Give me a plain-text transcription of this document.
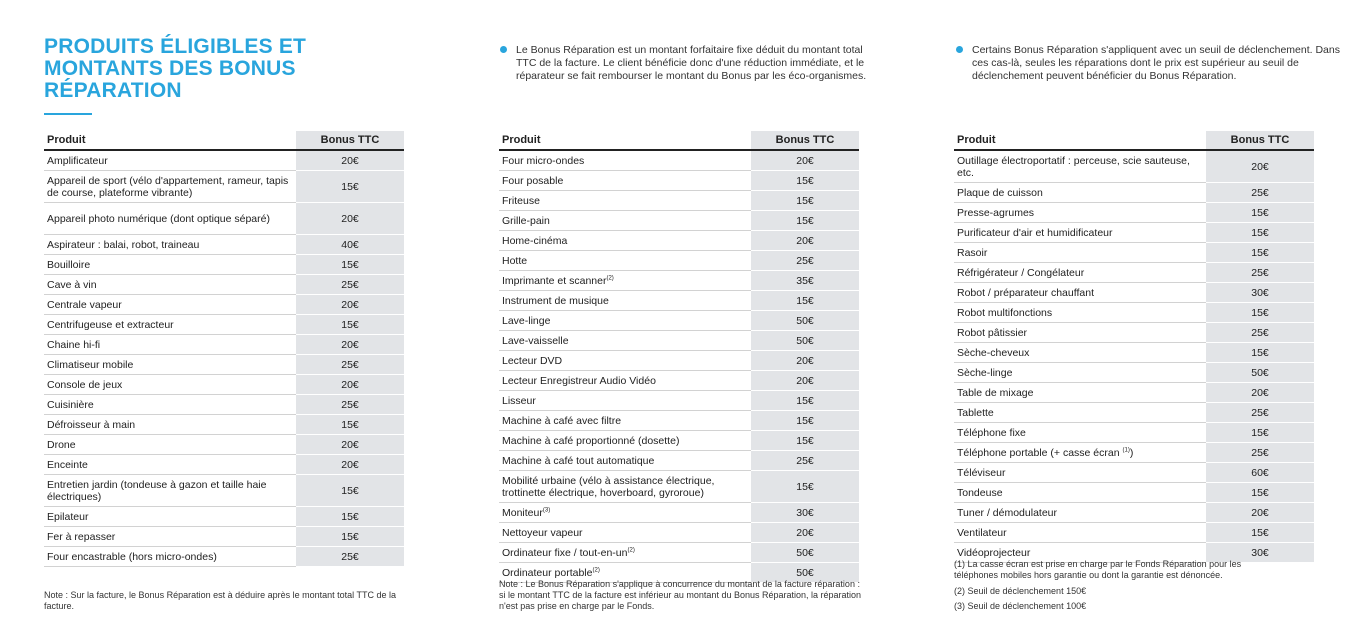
PRODUITS ÉLIGIBLES ET MONTANTS DES BONUS RÉPARATION
Le Bonus Réparation est un montant forfaitaire fixe déduit du montant total TTC de la facture. Le client bénéficie donc d'une réduction immédiate, et le réparateur se fait rembourser le montant du Bonus par les éco-organismes.
Certains Bonus Réparation s'appliquent avec un seuil de déclenchement. Dans ces cas-là, seules les réparations dont le prix est supérieur au seuil de déclenchement peuvent bénéficier du Bonus Réparation.
Produit	Bonus TTC
Amplificateur	20€
Appareil de sport (vélo d'appartement, rameur, tapis de course, plateforme vibrante)	15€
Appareil photo numérique (dont optique séparé)	20€
Aspirateur : balai, robot, traineau	40€
Bouilloire	15€
Cave à vin	25€
Centrale vapeur	20€
Centrifugeuse et extracteur	15€
Chaine hi-fi	20€
Climatiseur mobile	25€
Console de jeux	20€
Cuisinière	25€
Défroisseur à main	15€
Drone	20€
Enceinte	20€
Entretien jardin (tondeuse à gazon et taille haie électriques)	15€
Epilateur	15€
Fer à repasser	15€
Four encastrable (hors micro-ondes)	25€
Produit	Bonus TTC
Four micro-ondes	20€
Four posable	15€
Friteuse	15€
Grille-pain	15€
Home-cinéma	20€
Hotte	25€
Imprimante et scanner$^{(2)}$	35€
Instrument de musique	15€
Lave-linge	50€
Lave-vaisselle	50€
Lecteur DVD	20€
Lecteur Enregistreur Audio Vidéo	20€
Lisseur	15€
Machine à café avec filtre	15€
Machine à café proportionné (dosette)	15€
Machine à café tout automatique	25€
Mobilité urbaine (vélo à assistance électrique, trottinette électrique, hoverboard, gyroroue)	15€
Moniteur$^{(3)}$	30€
Nettoyeur vapeur	20€
Ordinateur fixe / tout-$en-un^{(2)}$	50€
Ordinateur portable$^{(2)}$	50€
Produit	Bonus TTC
Outillage électroportatif : perceuse, scie sauteuse, etc.	20€
Plaque de cuisson	25€
Presse-agrumes	15€
Purificateur d'air et humidificateur	15€
Rasoir	15€
Réfrigérateur / Congélateur	25€
Robot / préparateur chauffant	30€
Robot multifonctions	15€
Robot pâtissier	25€
Sèche-cheveux	15€
Sèche-linge	50€
Table de mixage	20€
Tablette	25€
Téléphone fixe	15€
Téléphone portable (+ casse écran $^{(1)}$)	25€
Téléviseur	60€
Tondeuse	15€
Tuner / démodulateur	20€
Ventilateur	15€
Vidéoprojecteur	30€
Note : Sur la facture, le Bonus Réparation est à déduire après le montant total TTC de la facture.
Note : Le Bonus Réparation s'applique à concurrence du montant de la facture réparation : si le montant TTC de la facture est inférieur au montant du Bonus Réparation, la réparation n'est pas prise en charge par le Fonds.
(1) La casse écran est prise en charge par le Fonds Réparation pour les téléphones mobiles hors garantie ou dont la garantie est dénoncée.
(2) Seuil de déclenchement 150€
(3) Seuil de déclenchement 100€
